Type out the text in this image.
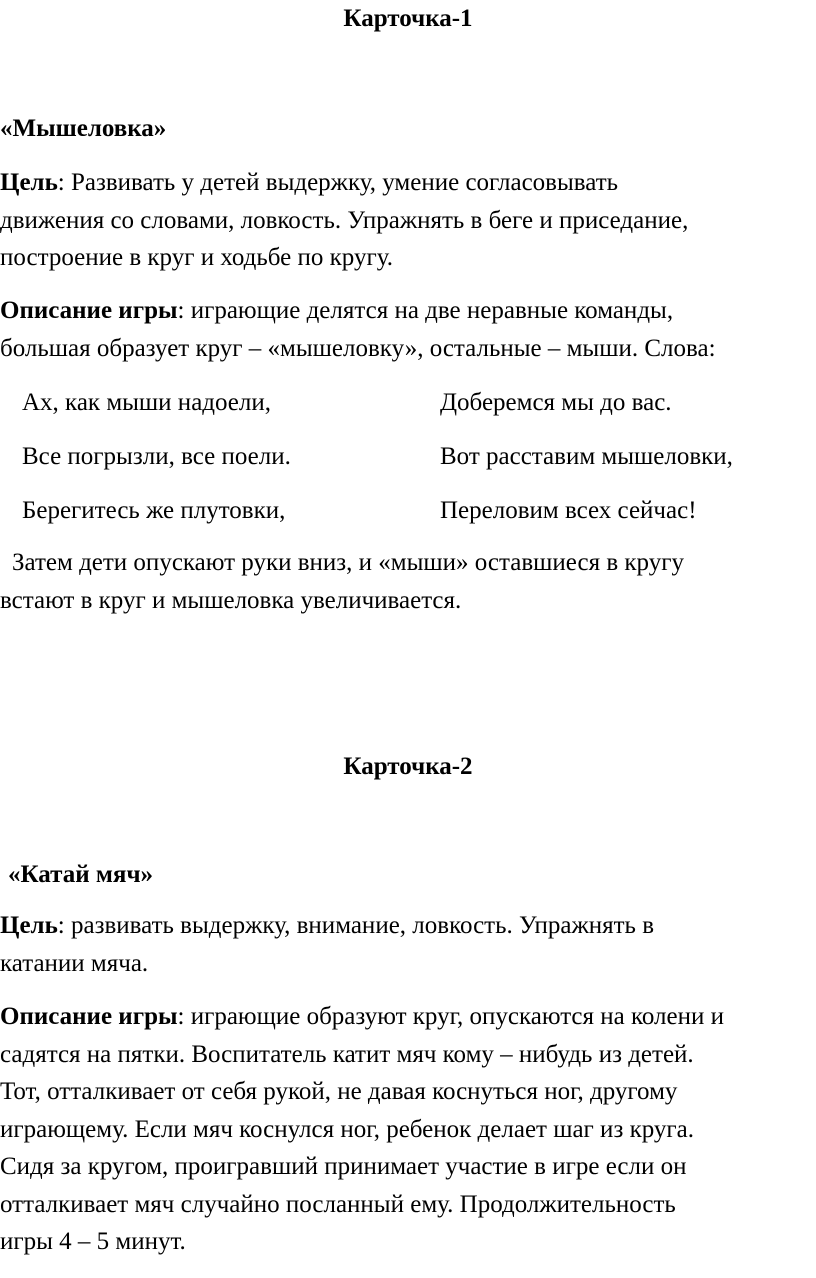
Карточка-1
«Мышеловка»
Цель: Развивать у детей выдержку, умение согласовывать
движения со словами, ловкость. Упражнять в беге и приседание,
построение в круг и ходьбе по кругу.
Описание игры: играющие делятся на две неравные команды,
большая образует круг – «мышеловку», остальные – мыши. Слова:
Ах, как мыши надоели,	Доберемся мы до вас.
Все погрызли, все поели.	Вот расставим мышеловки,
Берегитесь же плутовки,	Переловим всех сейчас!
Затем дети опускают руки вниз, и «мыши» оставшиеся в кругу
встают в круг и мышеловка увеличивается.
Карточка-2
«Катай мяч»
Цель: развивать выдержку, внимание, ловкость. Упражнять в
катании мяча.
Описание игры: играющие образуют круг, опускаются на колени и
садятся на пятки. Воспитатель катит мяч кому – нибудь из детей.
Тот, отталкивает от себя рукой, не давая коснуться ног, другому
играющему. Если мяч коснулся ног, ребенок делает шаг из круга.
Сидя за кругом, проигравший принимает участие в игре если он
отталкивает мяч случайно посланный ему. Продолжительность
игры 4 – 5 минут.
